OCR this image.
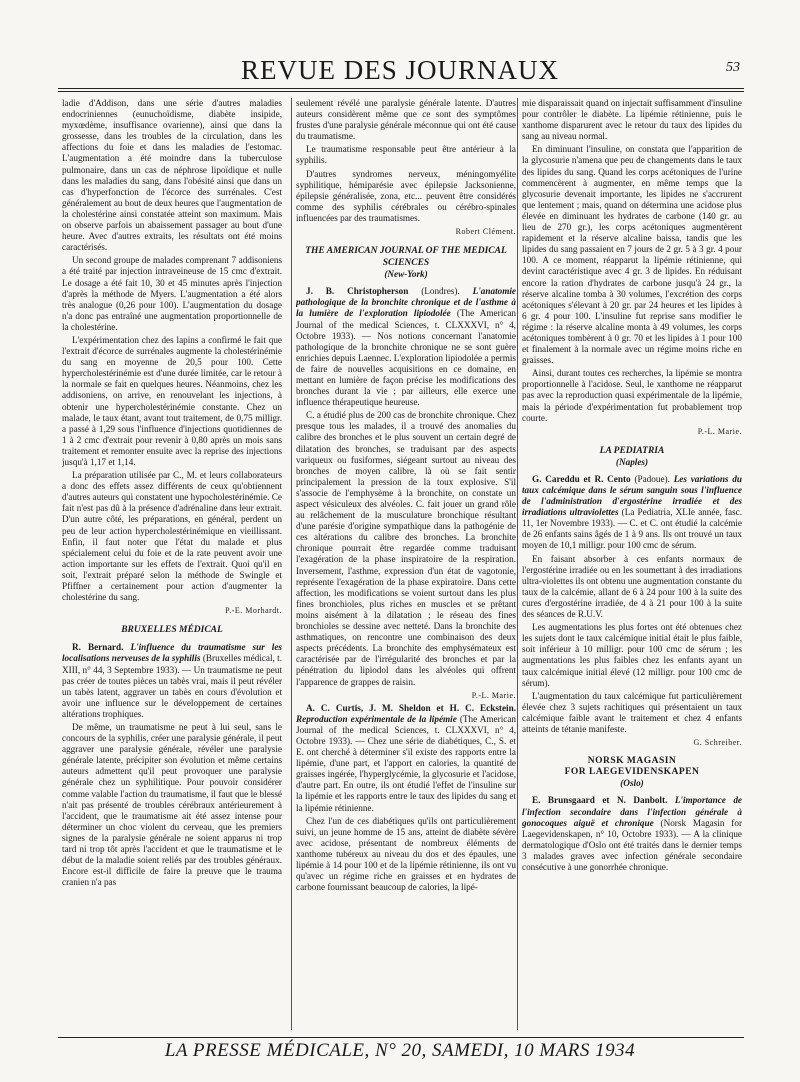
REVUE DES JOURNAUX	53

ladie d'Addison, dans une série d'autres maladies endocriniennes (eunuchoïdisme, diabète insipide, myxœdème, insuffisance ovarienne), ainsi que dans la grossesse, dans les troubles de la circulation, dans les affections du foie et dans les maladies de l'estomac. L'augmentation a été moindre dans la tuberculose pulmonaire, dans un cas de néphrose lipoïdique et nulle dans les maladies du sang, dans l'obésité ainsi que dans un cas d'hyperfonction de l'écorce des surrénales. C'est généralement au bout de deux heures que l'augmentation de la cholestérine ainsi constatée atteint son maximum. Mais on observe parfois un abaissement passager au bout d'une heure. Avec d'autres extraits, les résultats ont été moins caractérisés.

Un second groupe de malades comprenant 7 addisoniens a été traité par injection intraveineuse de 15 cmc d'extrait. Le dosage a été fait 10, 30 et 45 minutes après l'injection d'après la méthode de Myers. L'augmentation a été alors très analogue (0,26 pour 100). L'augmentation du dosage n'a donc pas entraîné une augmentation proportionnelle de la cholestérine.

L'expérimentation chez des lapins a confirmé le fait que l'extrait d'écorce de surrénales augmente la cholestérinémie du sang en moyenne de 20,5 pour 100. Cette hypercholestérinémie est d'une durée limitée, car le retour à la normale se fait en quelques heures. Néanmoins, chez les addisoniens, on arrive, en renouvelant les injections, à obtenir une hypercholestérinémie constante. Chez un malade, le taux étant, avant tout traitement, de 0,75 milligr. a passé à 1,29 sous l'influence d'injections quotidiennes de 1 à 2 cmc d'extrait pour revenir à 0,80 après un mois sans traitement et remonter ensuite avec la reprise des injections jusqu'à 1,17 et 1,14.

La préparation utilisée par C., M. et leurs collaborateurs a donc des effets assez différents de ceux qu'obtiennent d'autres auteurs qui constatent une hypocholestérinémie. Ce fait n'est pas dû à la présence d'adrénaline dans leur extrait. D'un autre côté, les préparations, en général, perdent un peu de leur action hypercholestérinémique en vieillissant. Enfin, il faut noter que l'état du malade et plus spécialement celui du foie et de la rate peuvent avoir une action importante sur les effets de l'extrait. Quoi qu'il en soit, l'extrait préparé selon la méthode de Swingle et Pfiffner a certainement pour action d'augmenter la cholestérine du sang.

P.-E. Morhardt.

BRUXELLES MÉDICAL

R. Bernard. L'influence du traumatisme sur les localisations nerveuses de la syphilis (Bruxelles médical, t. XIII, n° 44, 3 Septembre 1933). — Un traumatisme ne peut pas créer de toutes pièces un tabès vrai, mais il peut révéler un tabès latent, aggraver un tabès en cours d'évolution et avoir une influence sur le développement de certaines altérations trophiques.

De même, un traumatisme ne peut à lui seul, sans le concours de la syphilis, créer une paralysie générale, il peut aggraver une paralysie générale, révéler une paralysie générale latente, précipiter son évolution et même certains auteurs admettent qu'il peut provoquer une paralysie générale chez un syphilitique. Pour pouvoir considérer comme valable l'action du traumatisme, il faut que le blessé n'ait pas présenté de troubles cérébraux antérieurement à l'accident, que le traumatisme ait été assez intense pour déterminer un choc violent du cerveau, que les premiers signes de la paralysie générale ne soient apparus ni trop tard ni trop tôt après l'accident et que le traumatisme et le début de la maladie soient reliés par des troubles généraux. Encore est-il difficile de faire la preuve que le trauma cranien n'a pas

seulement révélé une paralysie générale latente. D'autres auteurs considèrent même que ce sont des symptômes frustes d'une paralysie générale méconnue qui ont été cause du traumatisme.

Le traumatisme responsable peut être antérieur à la syphilis.

D'autres syndromes nerveux, méningomyélite syphilitique, hémiparésie avec épilepsie Jacksonienne, épilepsie généralisée, zona, etc... peuvent être considérés comme des syphilis cérébrales ou cérébro-spinales influencées par des traumatismes.

Robert Clément.

THE AMERICAN JOURNAL OF THE MEDICAL SCIENCES
(New-York)

J. B. Christopherson (Londres). L'anatomie pathologique de la bronchite chronique et de l'asthme à la lumière de l'exploration lipiodolée (The American Journal of the medical Sciences, t. CLXXXVI, n° 4, Octobre 1933). — Nos notions concernant l'anatomie pathologique de la bronchite chronique ne se sont guère enrichies depuis Laennec. L'exploration lipiodolée a permis de faire de nouvelles acquisitions en ce domaine, en mettant en lumière de façon précise les modifications des bronches durant la vie ; par ailleurs, elle exerce une influence thérapeutique heureuse.

C. a étudié plus de 200 cas de bronchite chronique. Chez presque tous les malades, il a trouvé des anomalies du calibre des bronches et le plus souvent un certain degré de dilatation des bronches, se traduisant par des aspects variqueux ou fusiformes, siégeant surtout au niveau des bronches de moyen calibre, là où se fait sentir principalement la pression de la toux explosive. S'il s'associe de l'emphysème à la bronchite, on constate un aspect vésiculeux des alvéoles. C. fait jouer un grand rôle au relâchement de la musculature bronchique résultant d'une parésie d'origine sympathique dans la pathogénie de ces altérations du calibre des bronches. La bronchite chronique pourrait être regardée comme traduisant l'exagération de la phase inspiratoire de la respiration. Inversement, l'asthme, expression d'un état de vagotonie, représente l'exagération de la phase expiratoire. Dans cette affection, les modifications se voient surtout dans les plus fines bronchioles, plus riches en muscles et se prêtant moins aisément à la dilatation ; le réseau des fines bronchioles se dessine avec netteté. Dans la bronchite des asthmatiques, on rencontre une combinaison des deux aspects précédents. La bronchite des emphysémateux est caractérisée par de l'irrégularité des bronches et par la pénétration du lipiodol dans les alvéoles qui offrent l'apparence de grappes de raisin.

P.-L. Marie.

A. C. Curtis, J. M. Sheldon et H. C. Eckstein. Reproduction expérimentale de la lipémie (The American Journal of the medical Sciences, t. CLXXXVI, n° 4, Octobre 1933). — Chez une série de diabétiques, C., S. et E. ont cherché à déterminer s'il existe des rapports entre la lipémie, d'une part, et l'apport en calories, la quantité de graisses ingérée, l'hyperglycémie, la glycosurie et l'acidose, d'autre part. En outre, ils ont étudié l'effet de l'insuline sur la lipémie et les rapports entre le taux des lipides du sang et la lipémie rétinienne.

Chez l'un de ces diabétiques qu'ils ont particulièrement suivi, un jeune homme de 15 ans, atteint de diabète sévère avec acidose, présentant de nombreux éléments de xanthome tubéreux au niveau du dos et des épaules, une lipémie à 14 pour 100 et de la lipémie rétinienne, ils ont vu qu'avec un régime riche en graisses et en hydrates de carbone fournissant beaucoup de calories, la lipé-

mie disparaissait quand on injectait suffisamment d'insuline pour contrôler le diabète. La lipémie rétinienne, puis le xanthome disparurent avec le retour du taux des lipides du sang au niveau normal.

En diminuant l'insuline, on constata que l'apparition de la glycosurie n'amena que peu de changements dans le taux des lipides du sang. Quand les corps acétoniques de l'urine commencèrent à augmenter, en même temps que la glycosurie devenait importante, les lipides ne s'accrurent que lentement ; mais, quand on détermina une acidose plus élevée en diminuant les hydrates de carbone (140 gr. au lieu de 270 gr.), les corps acétoniques augmentèrent rapidement et la réserve alcaline baissa, tandis que les lipides du sang passaient en 7 jours de 2 gr. 5 à 3 gr. 4 pour 100. A ce moment, réapparut la lipémie rétinienne, qui devint caractéristique avec 4 gr. 3 de lipides. En réduisant encore la ration d'hydrates de carbone jusqu'à 24 gr., la réserve alcaline tomba à 30 volumes, l'excrétion des corps acétoniques s'élevant à 20 gr. par 24 heures et les lipides à 6 gr. 4 pour 100. L'insuline fut reprise sans modifier le régime : la réserve alcaline monta à 49 volumes, les corps acétoniques tombèrent à 0 gr. 70 et les lipides à 1 pour 100 et finalement à la normale avec un régime moins riche en graisses.

Ainsi, durant toutes ces recherches, la lipémie se montra proportionnelle à l'acidose. Seul, le xanthome ne réapparut pas avec la reproduction quasi expérimentale de la lipémie, mais la période d'expérimentation fut probablement trop courte.

P.-L. Marie.

LA PEDIATRIA
(Naples)

G. Careddu et R. Cento (Padoue). Les variations du taux calcémique dans le sérum sanguin sous l'influence de l'administration d'ergostérine irradiée et des irradiations ultraviolettes (La Pediatria, XLIe année, fasc. 11, 1er Novembre 1933). — C. et C. ont étudié la calcémie de 26 enfants sains âgés de 1 à 9 ans. Ils ont trouvé un taux moyen de 10,1 milligr. pour 100 cmc de sérum.

En faisant absorber à ces enfants normaux de l'ergostérine irradiée ou en les soumettant à des irradiations ultra-violettes ils ont obtenu une augmentation constante du taux de la calcémie, allant de 6 à 24 pour 100 à la suite des cures d'ergostérine irradiée, de 4 à 21 pour 100 à la suite des séances de R.U.V.

Les augmentations les plus fortes ont été obtenues chez les sujets dont le taux calcémique initial était le plus faible, soit inférieur à 10 milligr. pour 100 cmc de sérum ; les augmentations les plus faibles chez les enfants ayant un taux calcémique initial élevé (12 milligr. pour 100 cmc de sérum).

L'augmentation du taux calcémique fut particulièrement élevée chez 3 sujets rachitiques qui présentaient un taux calcémique faible avant le traitement et chez 4 enfants atteints de tétanie manifeste.

G. Schreiber.

NORSK MAGASIN
FOR LAEGEVIDENSKAPEN
(Oslo)

E. Brunsgaard et N. Danbolt. L'importance de l'infection secondaire dans l'infection générale à gonocoques aiguë et chronique (Norsk Magasin for Laegevidenskapen, n° 10, Octobre 1933). — A la clinique dermatologique d'Oslo ont été traités dans le dernier temps 3 malades graves avec infection générale secondaire consécutive à une gonorrhée chronique.

LA PRESSE MÉDICALE, N° 20, SAMEDI, 10 MARS 1934
